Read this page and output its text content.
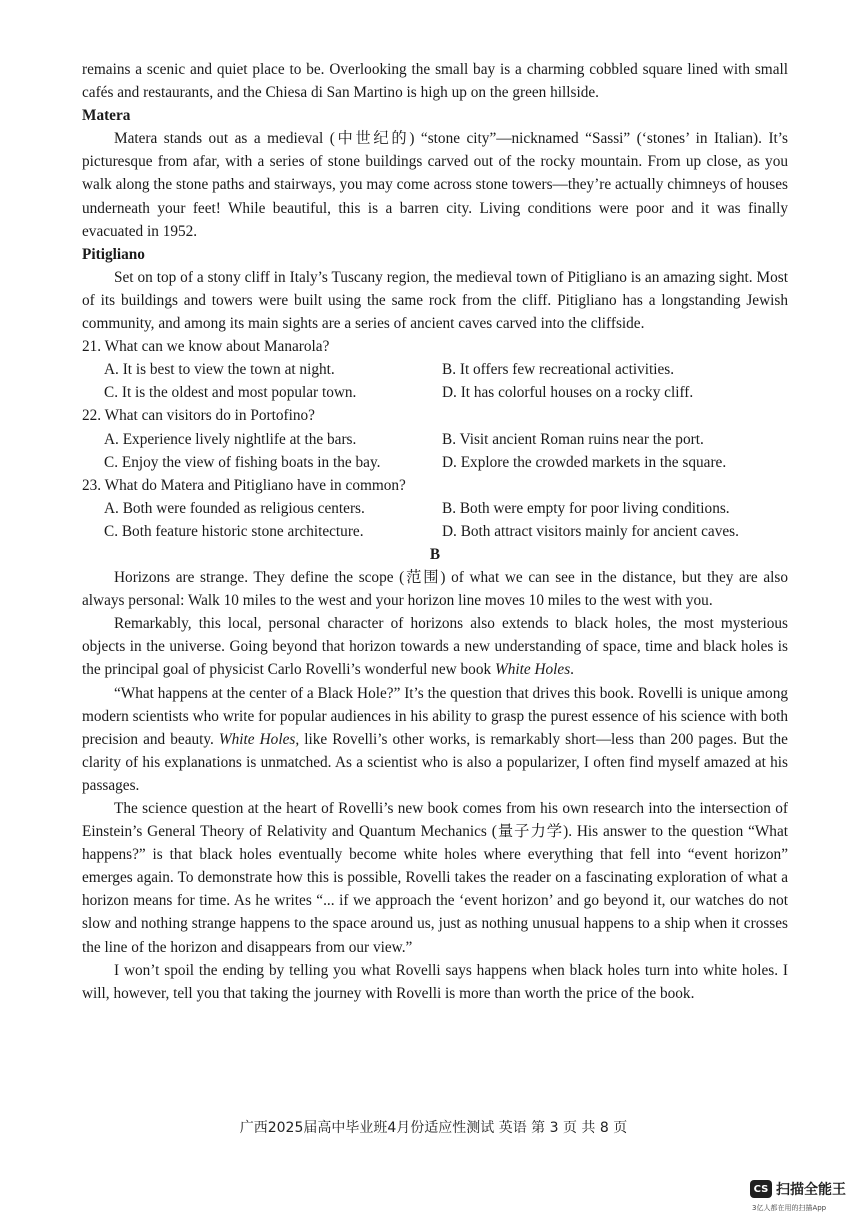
remains a scenic and quiet place to be. Overlooking the small bay is a charming cobbled square lined with small cafés and restaurants, and the Chiesa di San Martino is high up on the green hillside.

Matera

Matera stands out as a medieval (中世纪的) “stone city”—nicknamed “Sassi” (‘stones’ in Italian). It’s picturesque from afar, with a series of stone buildings carved out of the rocky mountain. From up close, as you walk along the stone paths and stairways, you may come across stone towers—they’re actually chimneys of houses underneath your feet! While beautiful, this is a barren city. Living conditions were poor and it was finally evacuated in 1952.

Pitigliano

Set on top of a stony cliff in Italy’s Tuscany region, the medieval town of Pitigliano is an amazing sight. Most of its buildings and towers were built using the same rock from the cliff. Pitigliano has a longstanding Jewish community, and among its main sights are a series of ancient caves carved into the cliffside.

21. What can we know about Manarola?

A. It is best to view the town at night.	B. It offers few recreational activities.
C. It is the oldest and most popular town.	D. It has colorful houses on a rocky cliff.

22. What can visitors do in Portofino?

A. Experience lively nightlife at the bars.	B. Visit ancient Roman ruins near the port.
C. Enjoy the view of fishing boats in the bay.	D. Explore the crowded markets in the square.

23. What do Matera and Pitigliano have in common?

A. Both were founded as religious centers.	B. Both were empty for poor living conditions.
C. Both feature historic stone architecture.	D. Both attract visitors mainly for ancient caves.

B

Horizons are strange. They define the scope (范围) of what we can see in the distance, but they are also always personal: Walk 10 miles to the west and your horizon line moves 10 miles to the west with you.

Remarkably, this local, personal character of horizons also extends to black holes, the most mysterious objects in the universe. Going beyond that horizon towards a new understanding of space, time and black holes is the principal goal of physicist Carlo Rovelli’s wonderful new book White Holes.

“What happens at the center of a Black Hole?” It’s the question that drives this book. Rovelli is unique among modern scientists who write for popular audiences in his ability to grasp the purest essence of his science with both precision and beauty. White Holes, like Rovelli’s other works, is remarkably short—less than 200 pages. But the clarity of his explanations is unmatched. As a scientist who is also a popularizer, I often find myself amazed at his passages.

The science question at the heart of Rovelli’s new book comes from his own research into the intersection of Einstein’s General Theory of Relativity and Quantum Mechanics (量子力学). His answer to the question “What happens?” is that black holes eventually become white holes where everything that fell into “event horizon” emerges again. To demonstrate how this is possible, Rovelli takes the reader on a fascinating exploration of what a horizon means for time. As he writes “... if we approach the ‘event horizon’ and go beyond it, our watches do not slow and nothing strange happens to the space around us, just as nothing unusual happens to a ship when it crosses the line of the horizon and disappears from our view.”

I won’t spoil the ending by telling you what Rovelli says happens when black holes turn into white holes. I will, however, tell you that taking the journey with Rovelli is more than worth the price of the book.

广西2025届高中毕业班4月份适应性测试 英语 第 3 页 共 8 页
CS 扫描全能王
3亿人都在用的扫描App
